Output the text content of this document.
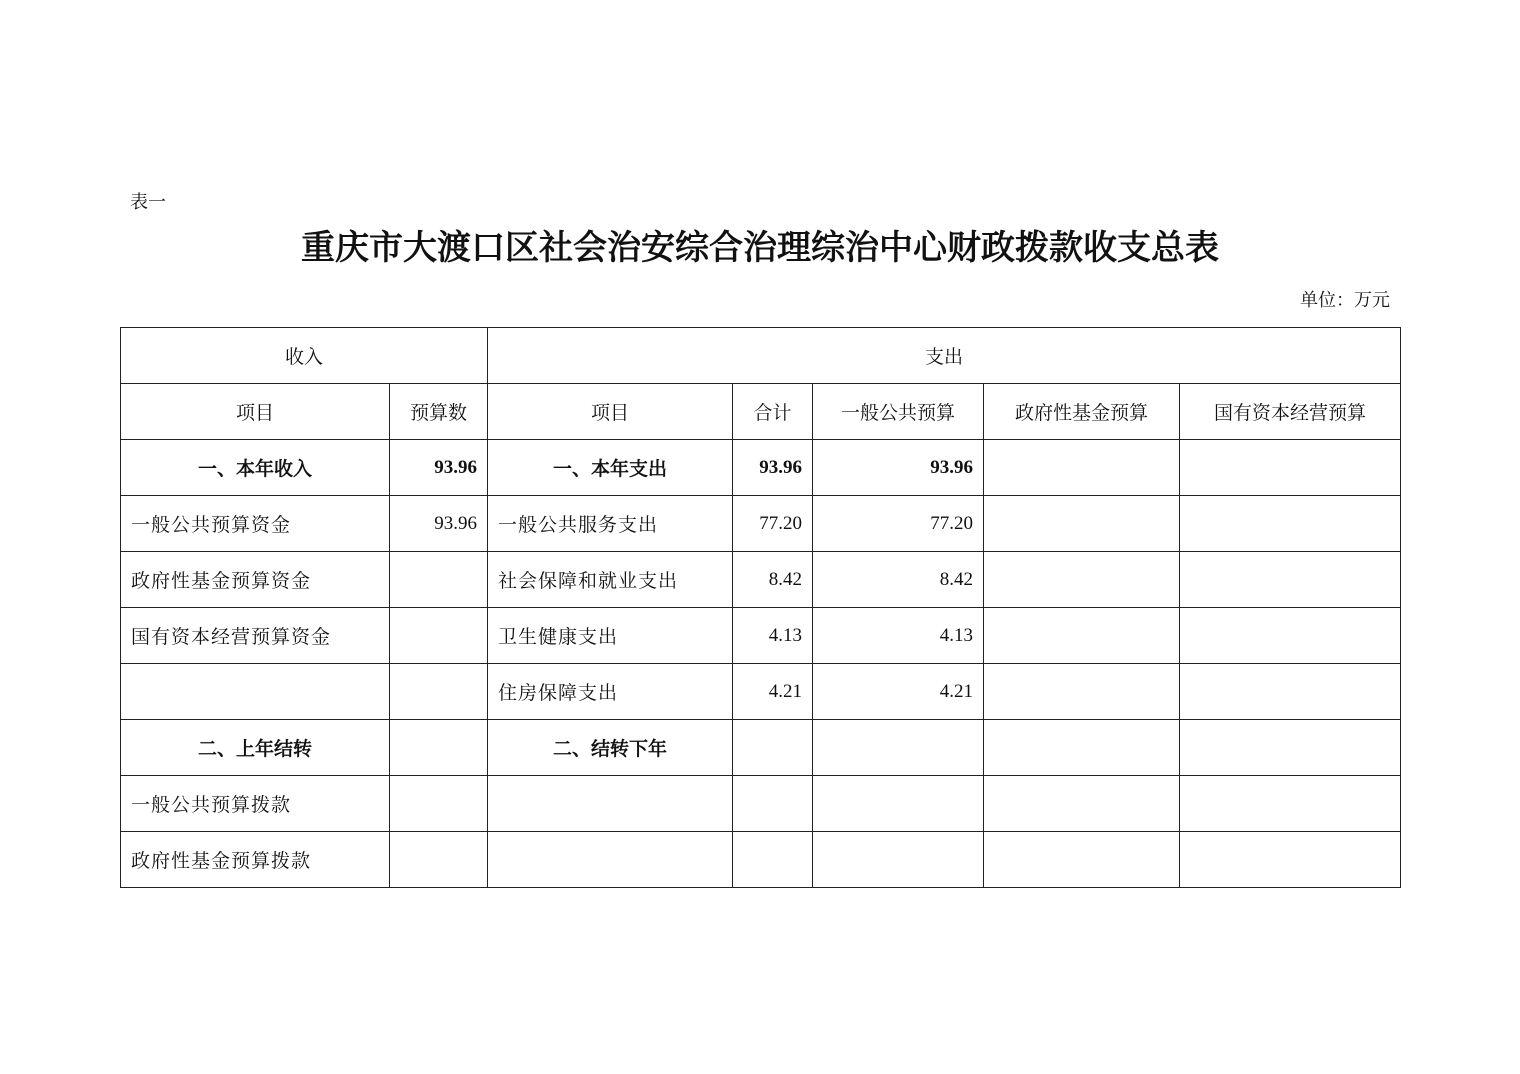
表一
重庆市大渡口区社会治安综合治理综治中心财政拨款收支总表
单位：万元
收入		支出				
项目	预算数	项目	合计	一般公共预算	政府性基金预算	国有资本经营预算
一、本年收入	93.96	一、本年支出	93.96	93.96		
一般公共预算资金	93.96	一般公共服务支出	77.20	77.20		
政府性基金预算资金		社会保障和就业支出	8.42	8.42		
国有资本经营预算资金		卫生健康支出	4.13	4.13		
		住房保障支出	4.21	4.21		
二、上年结转		二、结转下年				
一般公共预算拨款						
政府性基金预算拨款						
